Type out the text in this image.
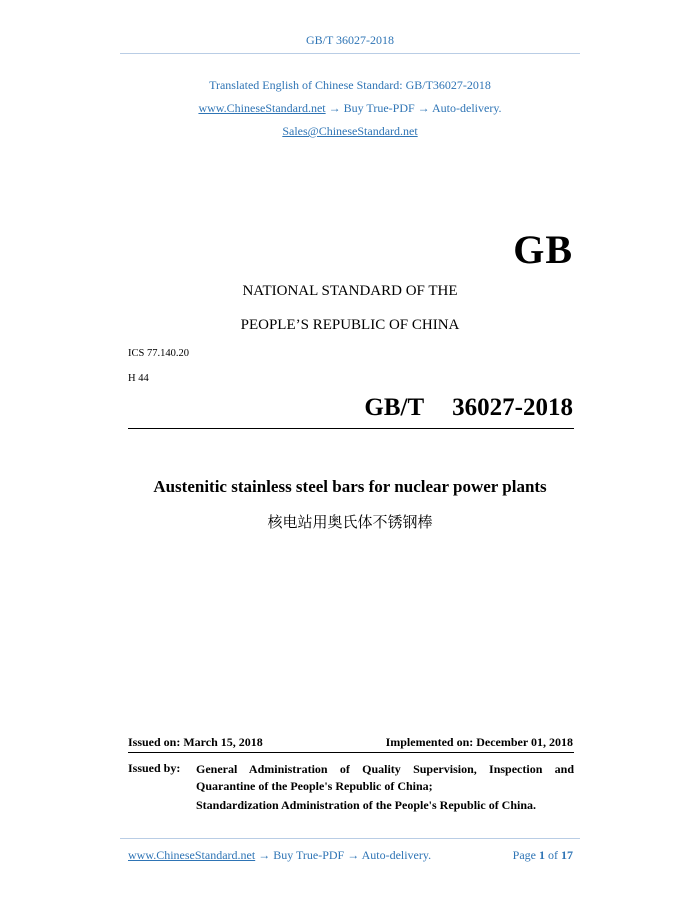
GB/T 36027-2018
Translated English of Chinese Standard: GB/T36027-2018
www.ChineseStandard.net → Buy True-PDF → Auto-delivery.
Sales@ChineseStandard.net
GB
NATIONAL STANDARD OF THE
PEOPLE’S REPUBLIC OF CHINA
ICS 77.140.20
H 44
GB/T  36027-2018
Austenitic stainless steel bars for nuclear power plants
核电站用奥氏体不锈钢棒
Issued on: March 15, 2018	Implemented on: December 01, 2018
Issued by: General Administration of Quality Supervision, Inspection and Quarantine of the People's Republic of China;
Standardization Administration of the People's Republic of China.
www.ChineseStandard.net → Buy True-PDF → Auto-delivery.	Page 1 of 17
